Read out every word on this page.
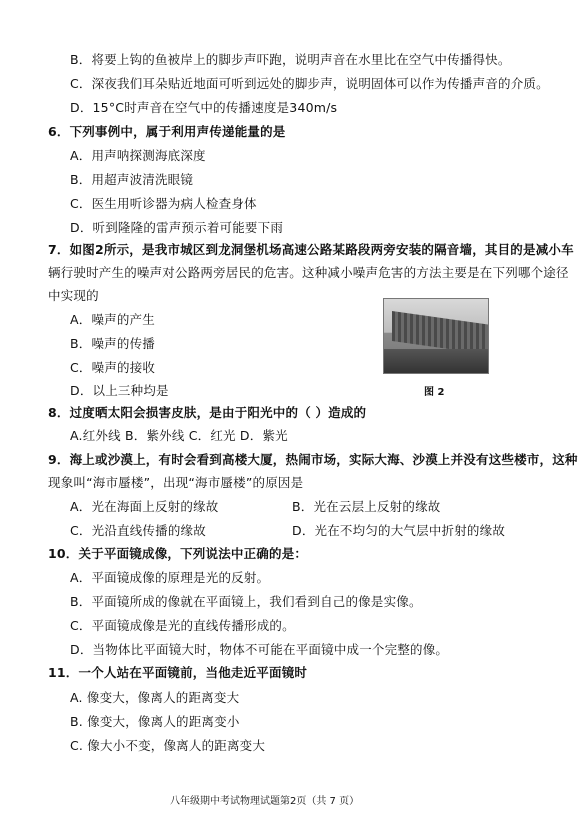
B．将要上钩的鱼被岸上的脚步声吓跑，说明声音在水里比在空气中传播得快。
C．深夜我们耳朵贴近地面可听到远处的脚步声，说明固体可以作为传播声音的介质。
D．15°C时声音在空气中的传播速度是340m/s
6．下列事例中，属于利用声传递能量的是
A．用声呐探测海底深度
B．用超声波清洗眼镜
C．医生用听诊器为病人检查身体
D．听到隆隆的雷声预示着可能要下雨
7．如图2所示，是我市城区到龙洞堡机场高速公路某路段两旁安装的隔音墙，其目的是减小车
辆行驶时产生的噪声对公路两旁居民的危害。这种减小噪声危害的方法主要是在下列哪个途径
中实现的
A．噪声的产生
B．噪声的传播
C．噪声的接收
D．以上三种均是	图 2
8．过度晒太阳会损害皮肤，是由于阳光中的（ ）造成的
A.红外线 B．紫外线 C．红光 D．紫光
9．海上或沙漠上，有时会看到高楼大厦，热闹市场，实际大海、沙漠上并没有这些楼市，这种
现象叫“海市蜃楼”，出现“海市蜃楼”的原因是
A．光在海面上反射的缘故	B．光在云层上反射的缘故
C．光沿直线传播的缘故	D．光在不均匀的大气层中折射的缘故
10．关于平面镜成像，下列说法中正确的是：
A．平面镜成像的原理是光的反射。
B．平面镜所成的像就在平面镜上，我们看到自己的像是实像。
C．平面镜成像是光的直线传播形成的。
D．当物体比平面镜大时，物体不可能在平面镜中成一个完整的像。
11．一个人站在平面镜前，当他走近平面镜时
A. 像变大，像离人的距离变大
B. 像变大，像离人的距离变小
C. 像大小不变，像离人的距离变大
八年级期中考试物理试题第2页（共 7 页）
